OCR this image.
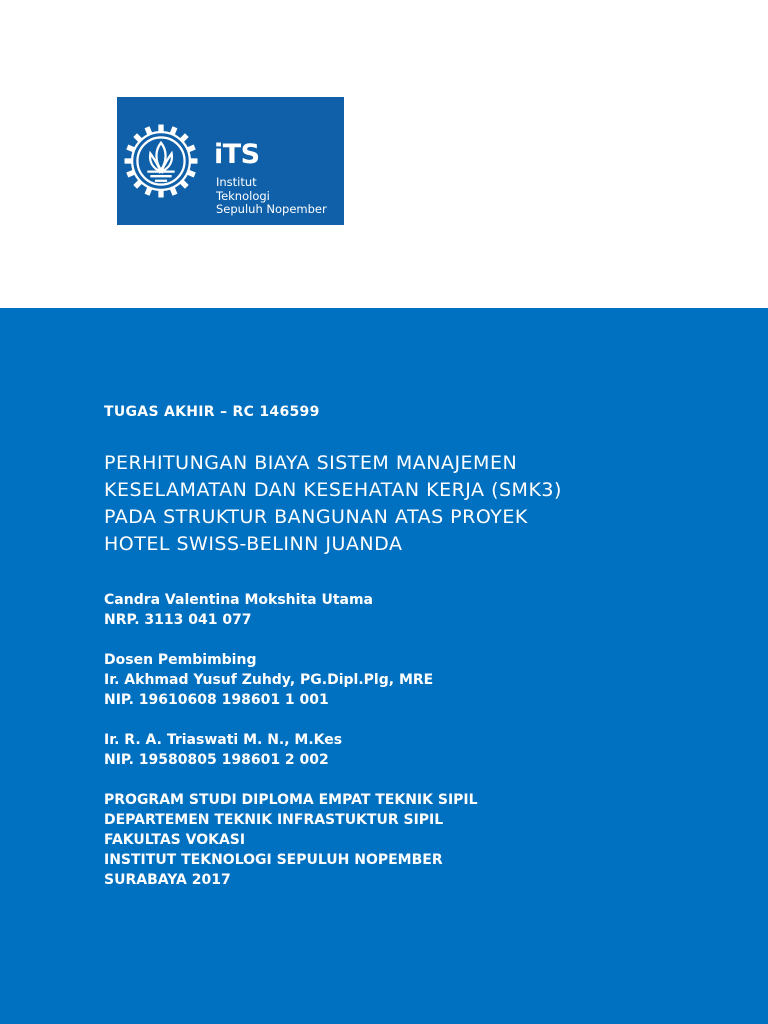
iTS
Institut
Teknologi
Sepuluh Nopember
TUGAS AKHIR – RC 146599
PERHITUNGAN BIAYA SISTEM MANAJEMEN
KESELAMATAN DAN KESEHATAN KERJA (SMK3)
PADA STRUKTUR BANGUNAN ATAS PROYEK
HOTEL SWISS-BELINN JUANDA
Candra Valentina Mokshita Utama
NRP. 3113 041 077
Dosen Pembimbing
Ir. Akhmad Yusuf Zuhdy, PG.Dipl.Plg, MRE
NIP. 19610608 198601 1 001
Ir. R. A. Triaswati M. N., M.Kes
NIP. 19580805 198601 2 002
PROGRAM STUDI DIPLOMA EMPAT TEKNIK SIPIL
DEPARTEMEN TEKNIK INFRASTUKTUR SIPIL
FAKULTAS VOKASI
INSTITUT TEKNOLOGI SEPULUH NOPEMBER
SURABAYA 2017
